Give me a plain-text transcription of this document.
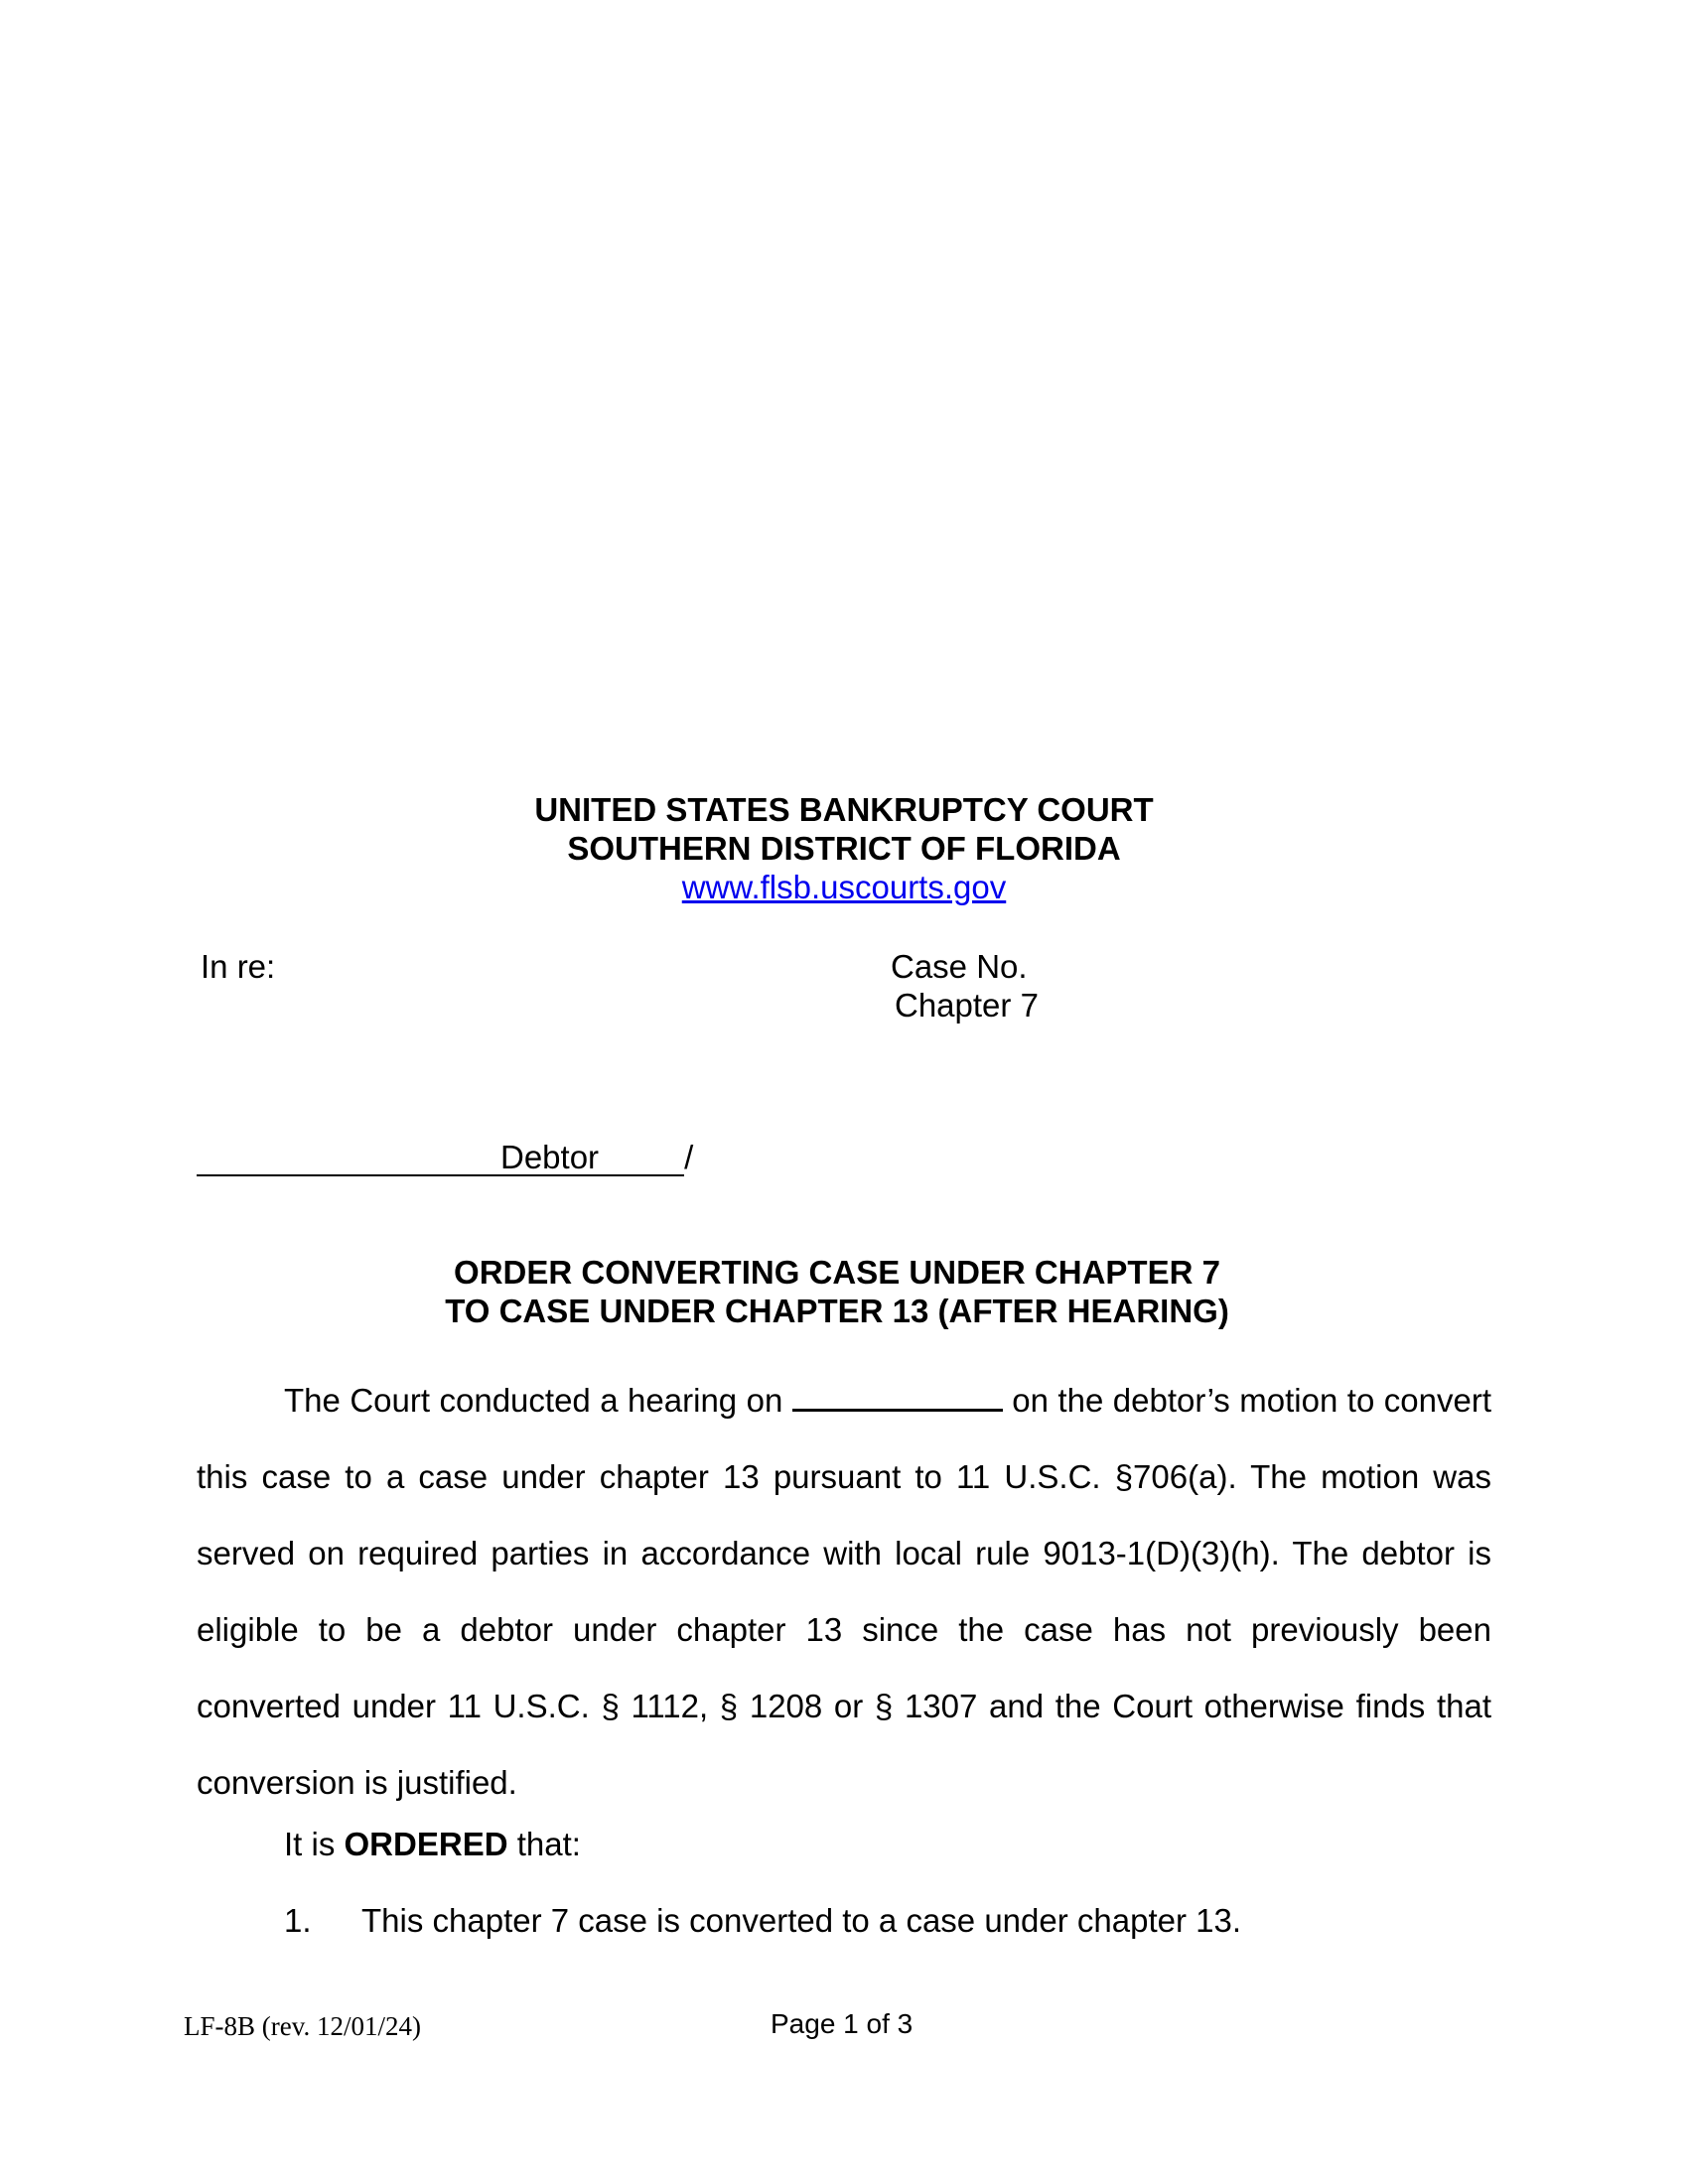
UNITED STATES BANKRUPTCY COURT
SOUTHERN DISTRICT OF FLORIDA
www.flsb.uscourts.gov
In re:	Case No.
Chapter 7
Debtor	/
ORDER CONVERTING CASE UNDER CHAPTER 7
TO CASE UNDER CHAPTER 13 (AFTER HEARING)
The Court conducted a hearing on	on the debtor’s motion to convert this case to a case under chapter 13 pursuant to 11 U.S.C. §706(a). The motion was served on required parties in accordance with local rule 9013-1(D)(3)(h). The debtor is eligible to be a debtor under chapter 13 since the case has not previously been converted under 11 U.S.C. § 1112, § 1208 or § 1307 and the Court otherwise finds that conversion is justified.
It is ORDERED that:
1. This chapter 7 case is converted to a case under chapter 13.
LF-8B (rev. 12/01/24)	Page 1 of 3
